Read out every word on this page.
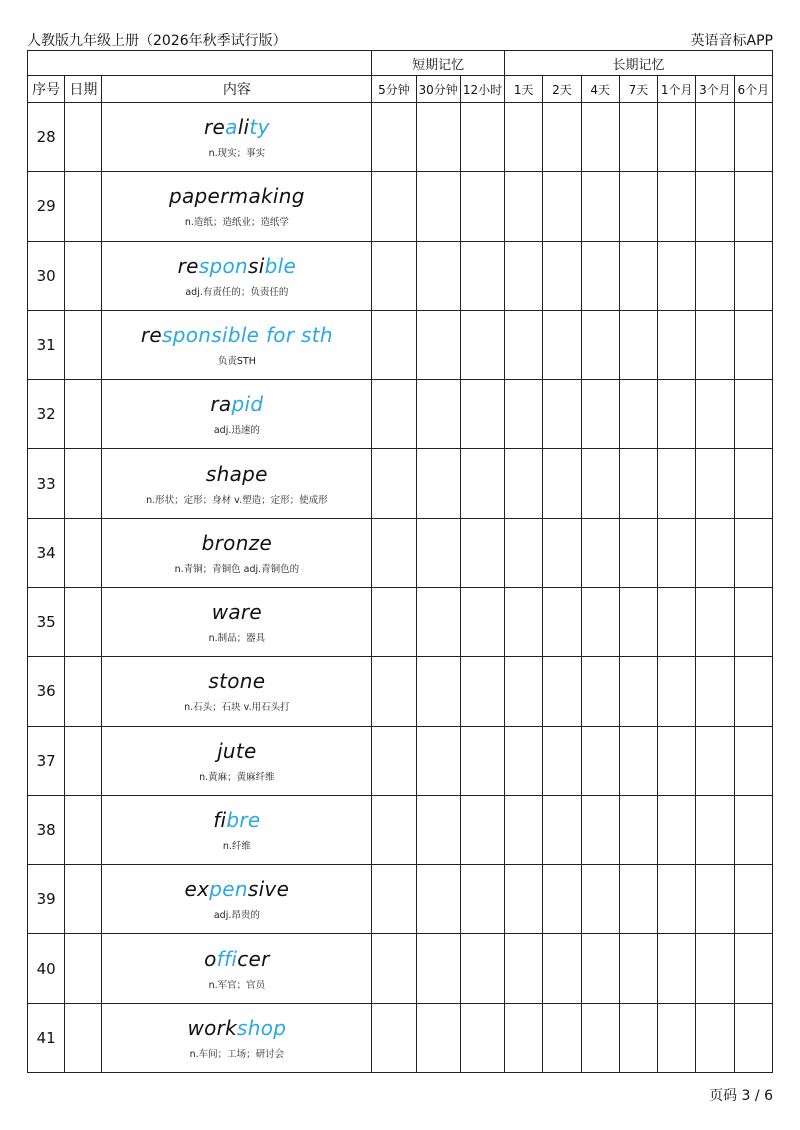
人教版九年级上册（2026年秋季试行版）	英语音标APP
			短期记忆			长期记忆						
序号	日期	内容	5分钟	30分钟	12小时	1天	2天	4天	7天	1个月	3个月	6个月
28		reality
n.现实；事实										

29		papermaking
n.造纸；造纸业；造纸学										

30		responsible
adj.有责任的；负责任的										

31		responsible for sth
负责STH										

32		rapid
adj.迅速的										

33		shape
n.形状；定形；身材 v.塑造；定形；使成形										

34		bronze
n.青铜；青铜色 adj.青铜色的										

35		ware
n.制品；器具										

36		stone
n.石头；石块 v.用石头打										

37		jute
n.黄麻；黄麻纤维										

38		fibre
n.纤维										

39		expensive
adj.昂贵的										

40		officer
n.军官；官员										

41		workshop
n.车间；工场；研讨会										

页码 3 / 6
